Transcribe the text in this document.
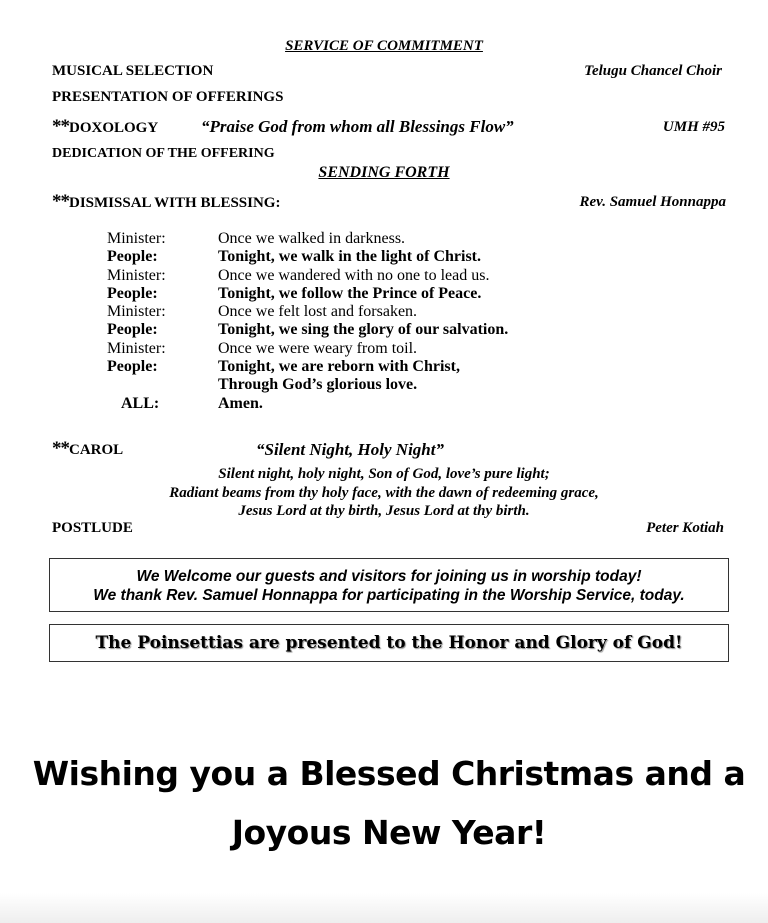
SERVICE OF COMMITMENT
MUSICAL SELECTION	Telugu Chancel Choir
PRESENTATION OF OFFERINGS
** DOXOLOGY	“Praise God from whom all Blessings Flow”	UMH #95
DEDICATION OF THE OFFERING
SENDING FORTH
** DISMISSAL WITH BLESSING:	Rev. Samuel Honnappa
Minister:	Once we walked in darkness.
People:	Tonight, we walk in the light of Christ.
Minister:	Once we wandered with no one to lead us.
People:	Tonight, we follow the Prince of Peace.
Minister:	Once we felt lost and forsaken.
People:	Tonight, we sing the glory of our salvation.
Minister:	Once we were weary from toil.
People:	Tonight, we are reborn with Christ,
Through God’s glorious love.
ALL:	Amen.
** CAROL	“Silent Night, Holy Night”
Silent night, holy night, Son of God, love’s pure light;
Radiant beams from thy holy face, with the dawn of redeeming grace,
Jesus Lord at thy birth, Jesus Lord at thy birth.
POSTLUDE	Peter Kotiah
We Welcome our guests and visitors for joining us in worship today!
We thank Rev. Samuel Honnappa for participating in the Worship Service, today.
The Poinsettias are presented to the Honor and Glory of God!
Wishing you a Blessed Christmas and a
Joyous New Year!
